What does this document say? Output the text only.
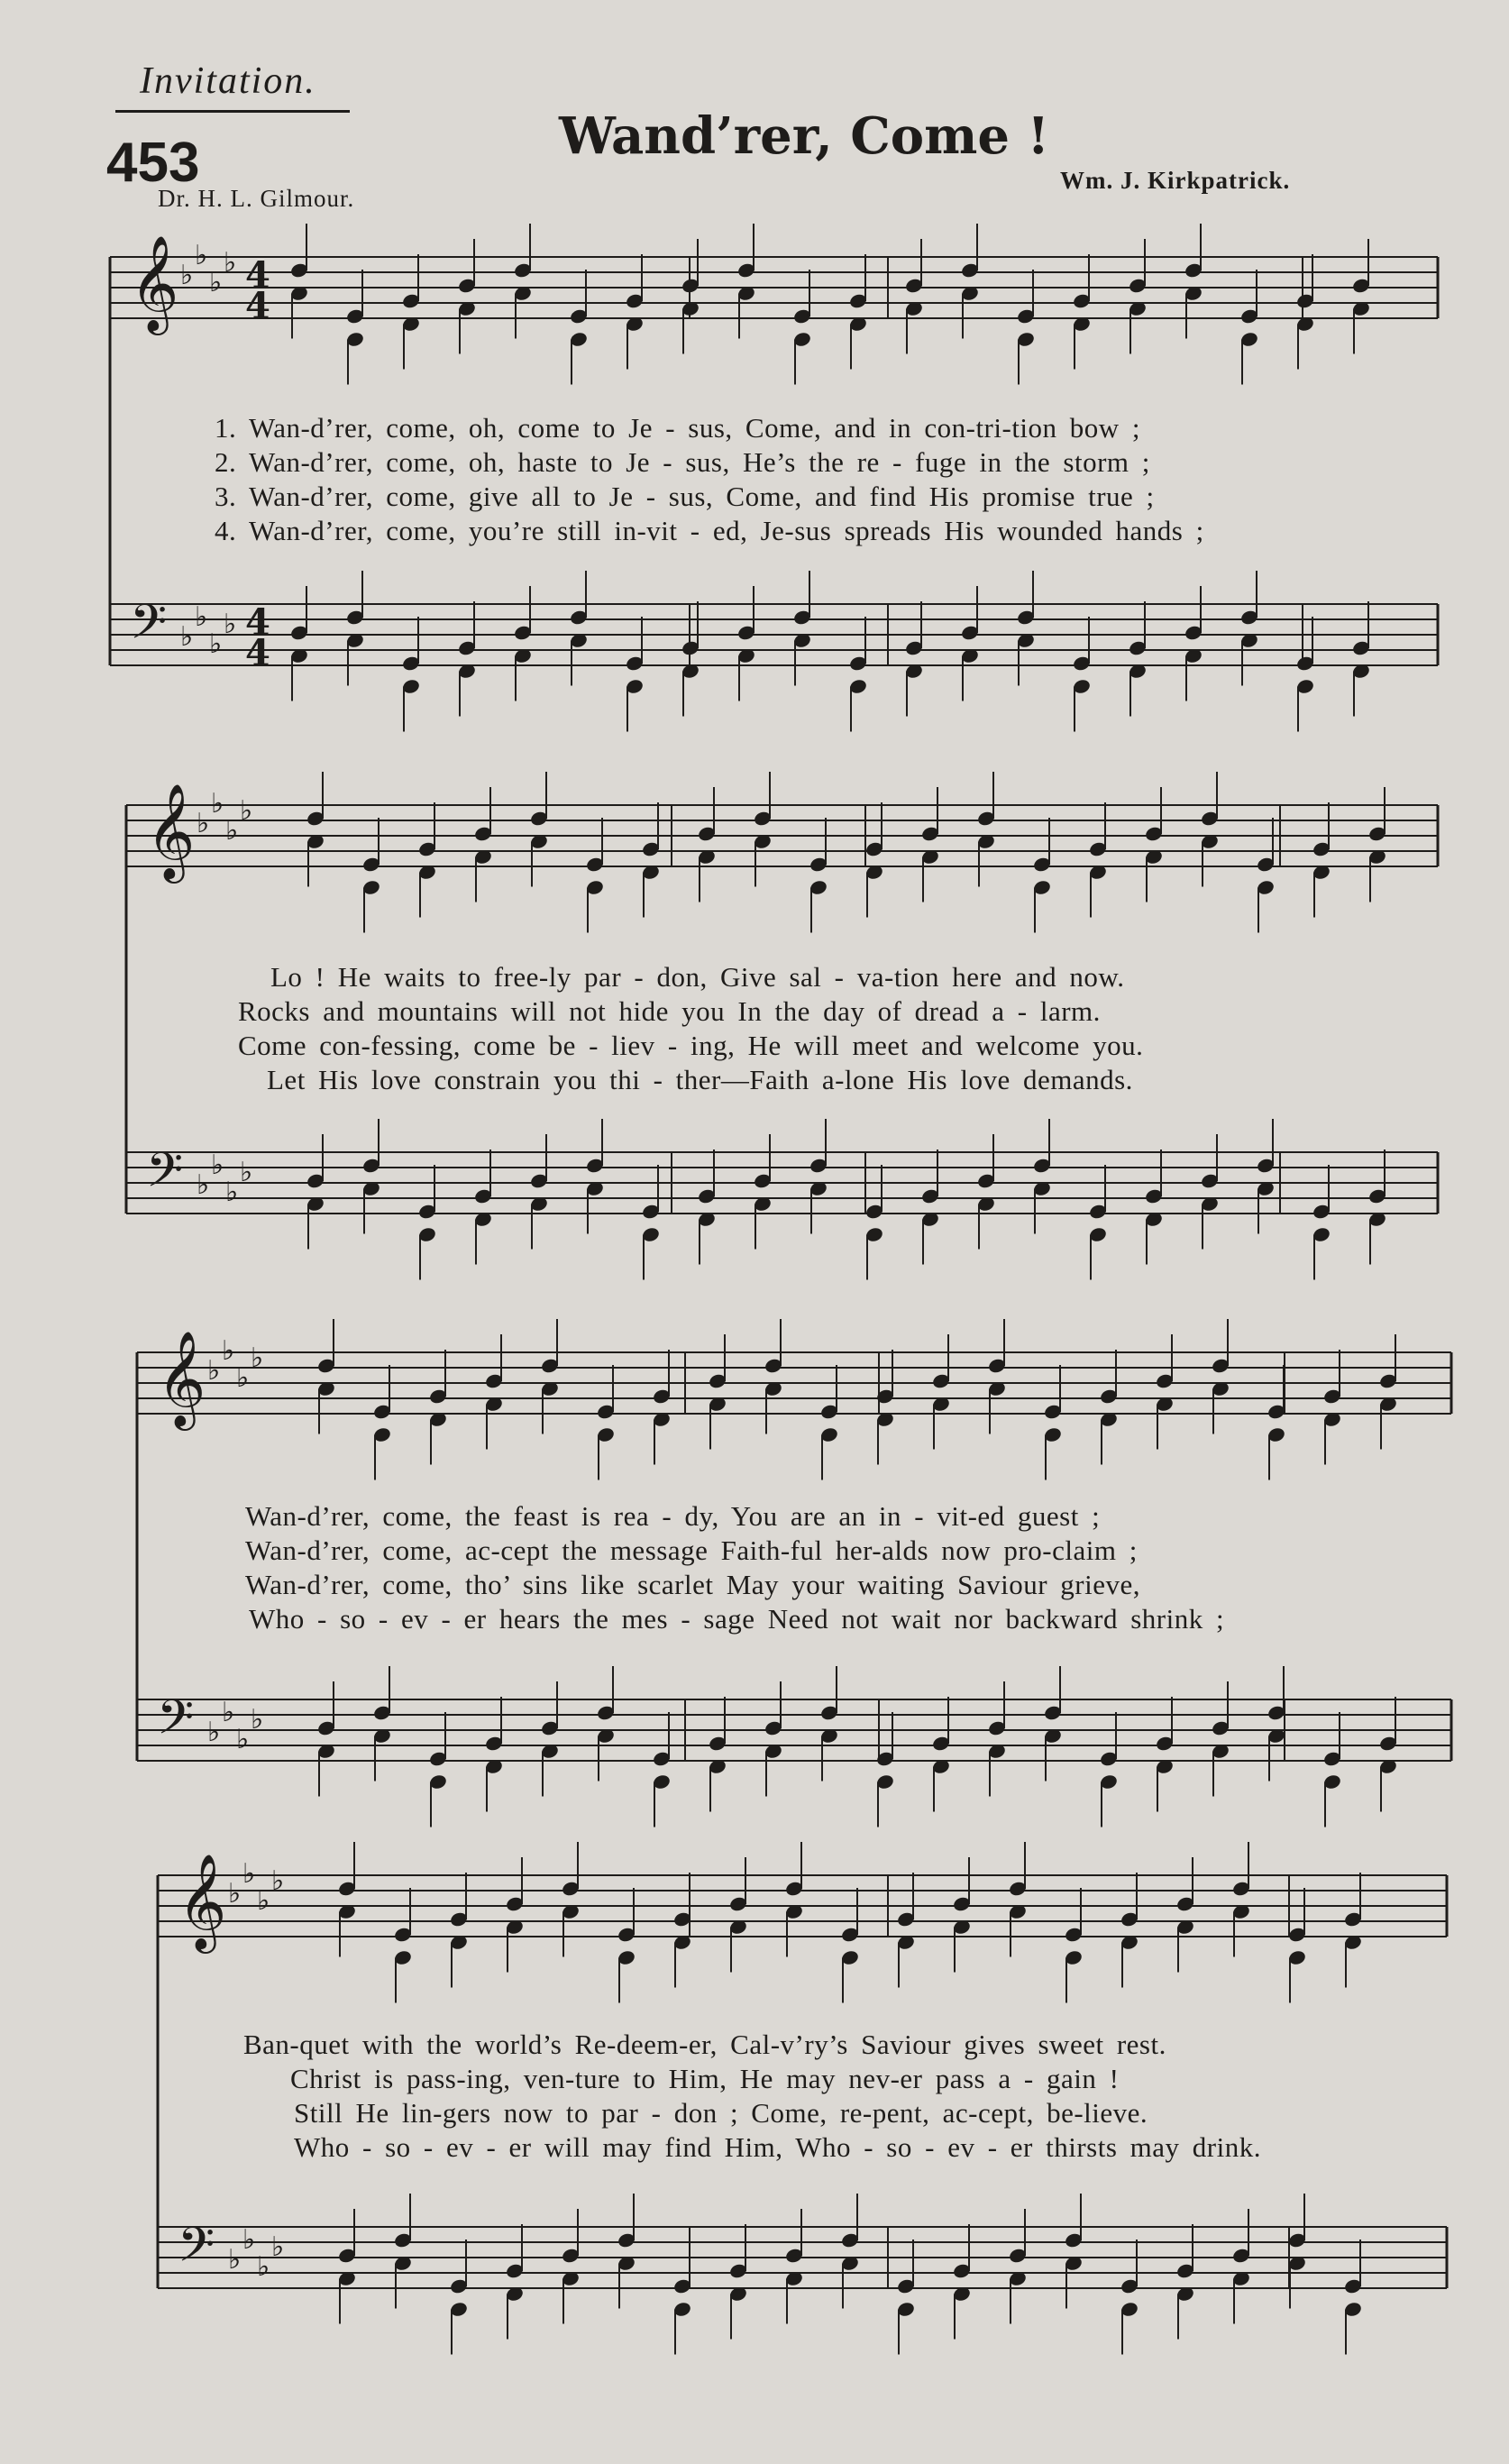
Invitation.
453	Wand’rer, Come !
Dr. H. L. Gilmour.
Wm. J. Kirkpatrick.
𝄞 ♭
♭
♭
♭
𝄢 ♭
♭
♭
♭
𝄞 ♭
♭
♭
♭
𝄢 ♭
♭
♭
♭
𝄞 ♭
♭
♭
♭
𝄢 ♭
♭
♭
♭
𝄞 ♭
♭
♭
♭
𝄢 ♭
♭
♭
♭
4
4
4
4
1. Wan-d’rer, come, oh, come to Je - sus, Come, and in con-tri-tion bow ;
2. Wan-d’rer, come, oh, haste to Je - sus, He’s the re - fuge in the storm ;
3. Wan-d’rer, come, give all to Je - sus, Come, and find His promise true ;
4. Wan-d’rer, come, you’re still in-vit - ed, Je-sus spreads His wounded hands ;
Lo ! He waits to free-ly par - don, Give sal - va-tion here and now.
Rocks and mountains will not hide you In the day of dread a - larm.
Come con-fessing, come be - liev - ing, He will meet and welcome you.
Let His love constrain you thi - ther—Faith a-lone His love demands.
Wan-d’rer, come, the feast is rea - dy, You are an in - vit-ed guest ;
Wan-d’rer, come, ac-cept the message Faith-ful her-alds now pro-claim ;
Wan-d’rer, come, tho’ sins like scarlet May your waiting Saviour grieve,
Who - so - ev - er hears the mes - sage Need not wait nor backward shrink ;
Ban-quet with the world’s Re-deem-er, Cal-v’ry’s Saviour gives sweet rest.
Christ is pass-ing, ven-ture to Him, He may nev-er pass a - gain !
Still He lin-gers now to par - don ; Come, re-pent, ac-cept, be-lieve.
Who - so - ev - er will may find Him, Who - so - ev - er thirsts may drink.
